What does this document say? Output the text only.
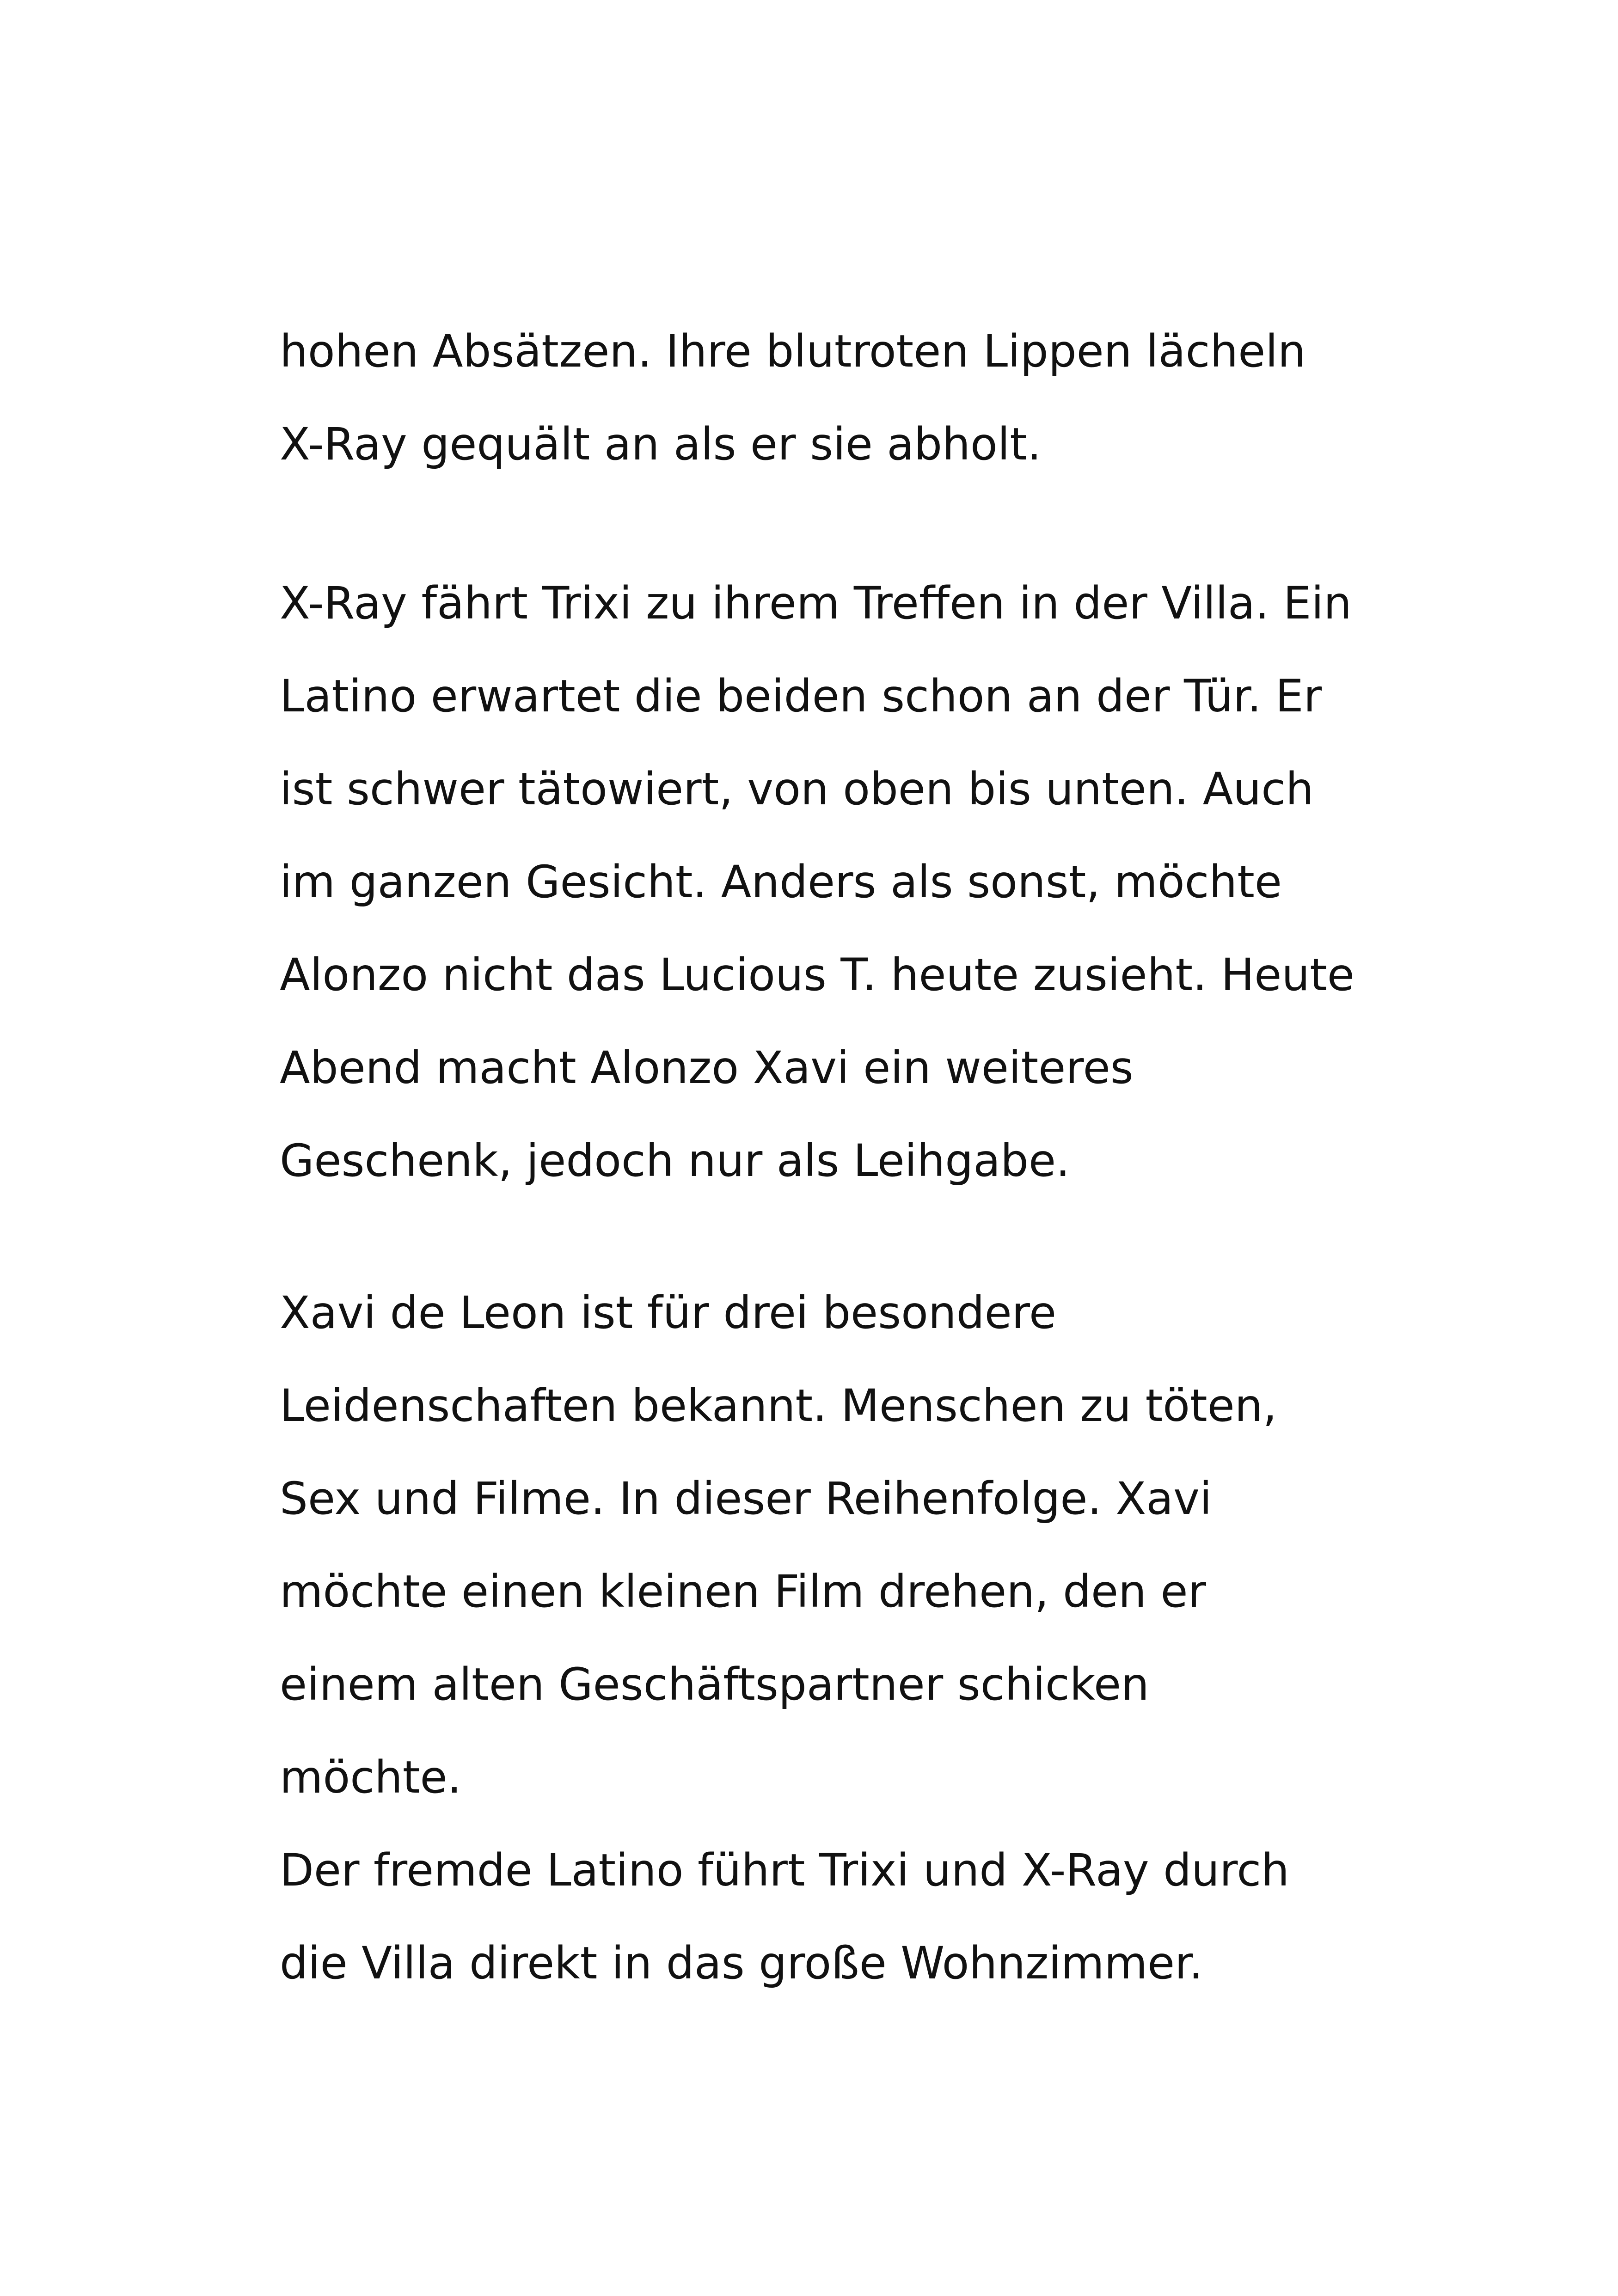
hohen Absätzen. Ihre blutroten Lippen lächeln
X-Ray gequält an als er sie abholt.
X-Ray fährt Trixi zu ihrem Treffen in der Villa. Ein
Latino erwartet die beiden schon an der Tür. Er
ist schwer tätowiert, von oben bis unten. Auch
im ganzen Gesicht. Anders als sonst, möchte
Alonzo nicht das Lucious T. heute zusieht. Heute
Abend macht Alonzo Xavi ein weiteres
Geschenk, jedoch nur als Leihgabe.
Xavi de Leon ist für drei besondere
Leidenschaften bekannt. Menschen zu töten,
Sex und Filme. In dieser Reihenfolge. Xavi
möchte einen kleinen Film drehen, den er
einem alten Geschäftspartner schicken
möchte.
Der fremde Latino führt Trixi und X-Ray durch
die Villa direkt in das große Wohnzimmer.
